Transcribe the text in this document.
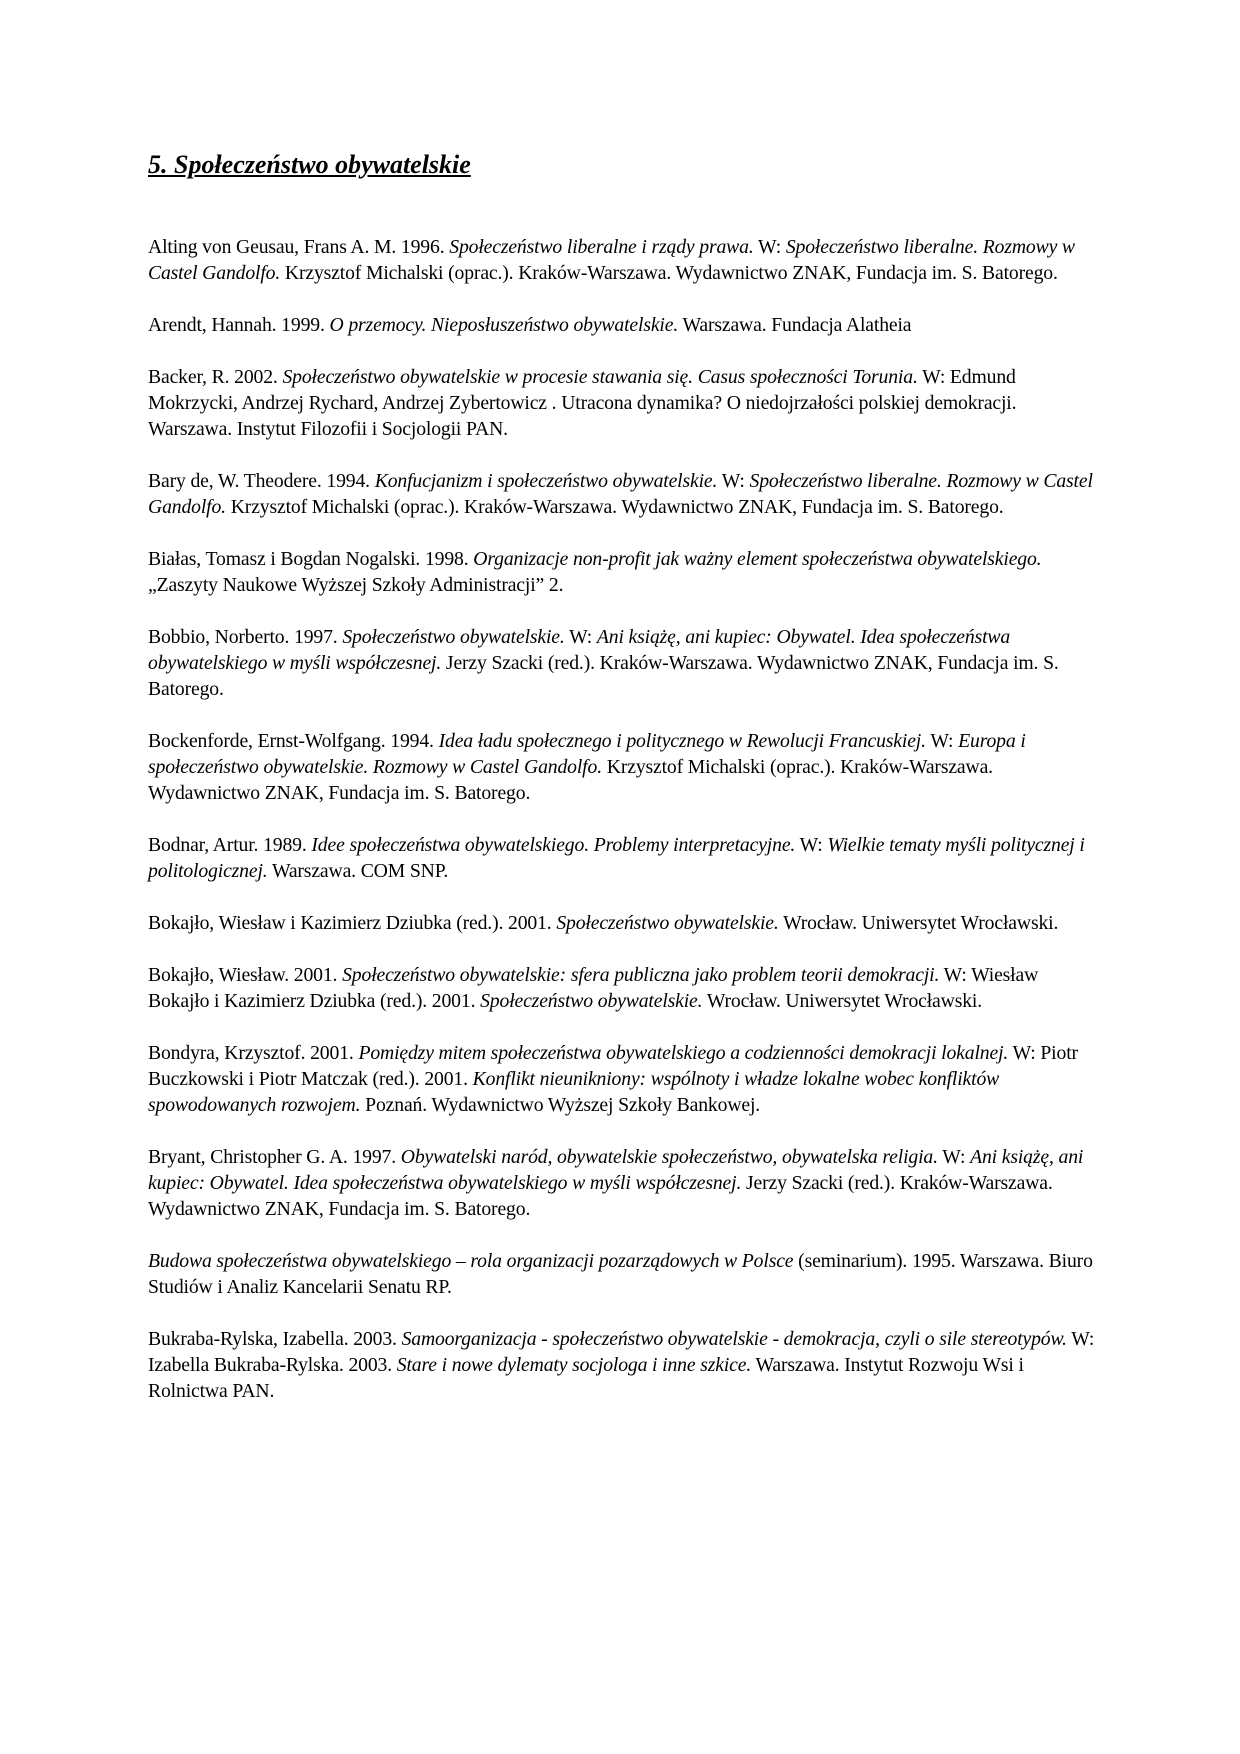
5. Społeczeństwo obywatelskie
Alting von Geusau, Frans A. M. 1996. Społeczeństwo liberalne i rządy prawa. W: Społeczeństwo liberalne. Rozmowy w Castel Gandolfo. Krzysztof Michalski (oprac.). Kraków-Warszawa. Wydawnictwo ZNAK, Fundacja im. S. Batorego.
Arendt, Hannah. 1999. O przemocy. Nieposłuszeństwo obywatelskie. Warszawa. Fundacja Alatheia
Backer, R. 2002. Społeczeństwo obywatelskie w procesie stawania się. Casus społeczności Torunia. W: Edmund Mokrzycki, Andrzej Rychard, Andrzej Zybertowicz . Utracona dynamika? O niedojrzałości polskiej demokracji. Warszawa. Instytut Filozofii i Socjologii PAN.
Bary de, W. Theodere. 1994. Konfucjanizm i społeczeństwo obywatelskie. W: Społeczeństwo liberalne. Rozmowy w Castel Gandolfo. Krzysztof Michalski (oprac.). Kraków-Warszawa. Wydawnictwo ZNAK, Fundacja im. S. Batorego.
Białas, Tomasz i Bogdan Nogalski. 1998. Organizacje non-profit jak ważny element społeczeństwa obywatelskiego. „Zaszyty Naukowe Wyższej Szkoły Administracji” 2.
Bobbio, Norberto. 1997. Społeczeństwo obywatelskie. W: Ani książę, ani kupiec: Obywatel. Idea społeczeństwa obywatelskiego w myśli współczesnej. Jerzy Szacki (red.). Kraków-Warszawa. Wydawnictwo ZNAK, Fundacja im. S. Batorego.
Bockenforde, Ernst-Wolfgang. 1994. Idea ładu społecznego i politycznego w Rewolucji Francuskiej. W: Europa i społeczeństwo obywatelskie. Rozmowy w Castel Gandolfo. Krzysztof Michalski (oprac.). Kraków-Warszawa. Wydawnictwo ZNAK, Fundacja im. S. Batorego.
Bodnar, Artur. 1989. Idee społeczeństwa obywatelskiego. Problemy interpretacyjne. W: Wielkie tematy myśli politycznej i politologicznej. Warszawa. COM SNP.
Bokajło, Wiesław i Kazimierz Dziubka (red.). 2001. Społeczeństwo obywatelskie. Wrocław. Uniwersytet Wrocławski.
Bokajło, Wiesław. 2001. Społeczeństwo obywatelskie: sfera publiczna jako problem teorii demokracji. W: Wiesław Bokajło i Kazimierz Dziubka (red.). 2001. Społeczeństwo obywatelskie. Wrocław. Uniwersytet Wrocławski.
Bondyra, Krzysztof. 2001. Pomiędzy mitem społeczeństwa obywatelskiego a codzienności demokracji lokalnej. W: Piotr Buczkowski i Piotr Matczak (red.). 2001. Konflikt nieunikniony: wspólnoty i władze lokalne wobec konfliktów spowodowanych rozwojem. Poznań. Wydawnictwo Wyższej Szkoły Bankowej.
Bryant, Christopher G. A. 1997. Obywatelski naród, obywatelskie społeczeństwo, obywatelska religia. W: Ani książę, ani kupiec: Obywatel. Idea społeczeństwa obywatelskiego w myśli współczesnej. Jerzy Szacki (red.). Kraków-Warszawa. Wydawnictwo ZNAK, Fundacja im. S. Batorego.
Budowa społeczeństwa obywatelskiego – rola organizacji pozarządowych w Polsce (seminarium). 1995. Warszawa. Biuro Studiów i Analiz Kancelarii Senatu RP.
Bukraba-Rylska, Izabella. 2003. Samoorganizacja - społeczeństwo obywatelskie - demokracja, czyli o sile stereotypów. W: Izabella Bukraba-Rylska. 2003. Stare i nowe dylematy socjologa i inne szkice. Warszawa. Instytut Rozwoju Wsi i Rolnictwa PAN.
